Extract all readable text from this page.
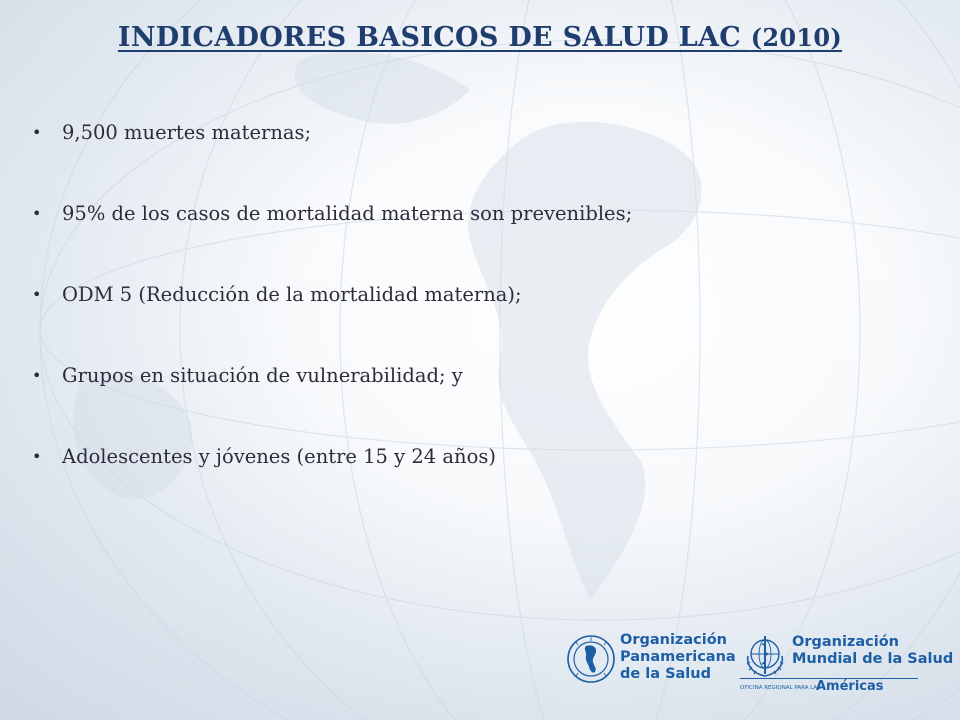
INDICADORES BASICOS DE SALUD LAC (2010)
• 9,500 muertes maternas;
• 95% de los casos de mortalidad materna son prevenibles;
• ODM 5 (Reducción de la mortalidad materna);
• Grupos en situación de vulnerabilidad; y
• Adolescentes y jóvenes (entre 15 y 24 años)
Organización
Panamericana
de la Salud
Organización
Mundial de la Salud
OFICINA REGIONAL PARA LAS
Américas
